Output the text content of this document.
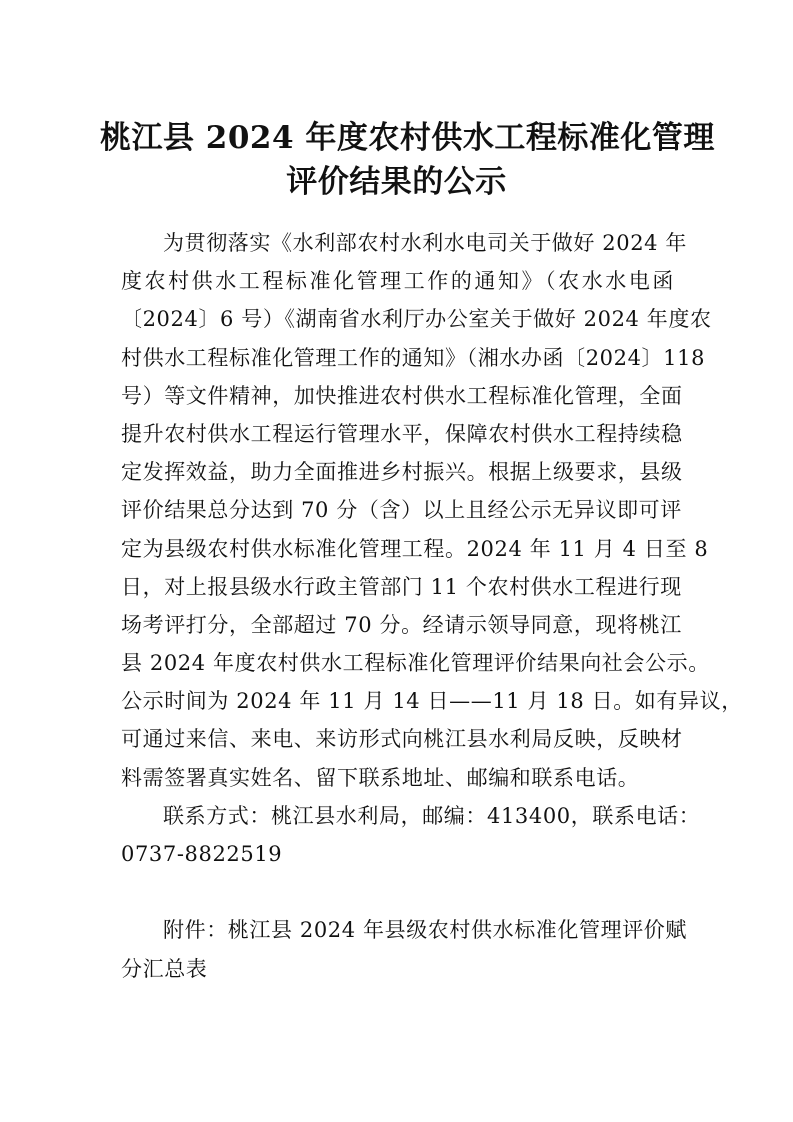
桃江县 2024 年度农村供水工程标准化管理
评价结果的公示
为贯彻落实《水利部农村水利水电司关于做好 2024 年
度农村供水工程标准化管理工作的通知》（农水水电函
〔2024〕6 号）《湖南省水利厅办公室关于做好 2024 年度农
村供水工程标准化管理工作的通知》（湘水办函〔2024〕118
号）等文件精神，加快推进农村供水工程标准化管理，全面
提升农村供水工程运行管理水平，保障农村供水工程持续稳
定发挥效益，助力全面推进乡村振兴。根据上级要求，县级
评价结果总分达到 70 分（含）以上且经公示无异议即可评
定为县级农村供水标准化管理工程。2024 年 11 月 4 日至 8
日，对上报县级水行政主管部门 11 个农村供水工程进行现
场考评打分，全部超过 70 分。经请示领导同意，现将桃江
县 2024 年度农村供水工程标准化管理评价结果向社会公示。
公示时间为 2024 年 11 月 14 日——11 月 18 日。如有异议，
可通过来信、来电、来访形式向桃江县水利局反映，反映材
料需签署真实姓名、留下联系地址、邮编和联系电话。
联系方式：桃江县水利局，邮编：413400，联系电话：
0737-8822519
附件：桃江县 2024 年县级农村供水标准化管理评价赋
分汇总表
